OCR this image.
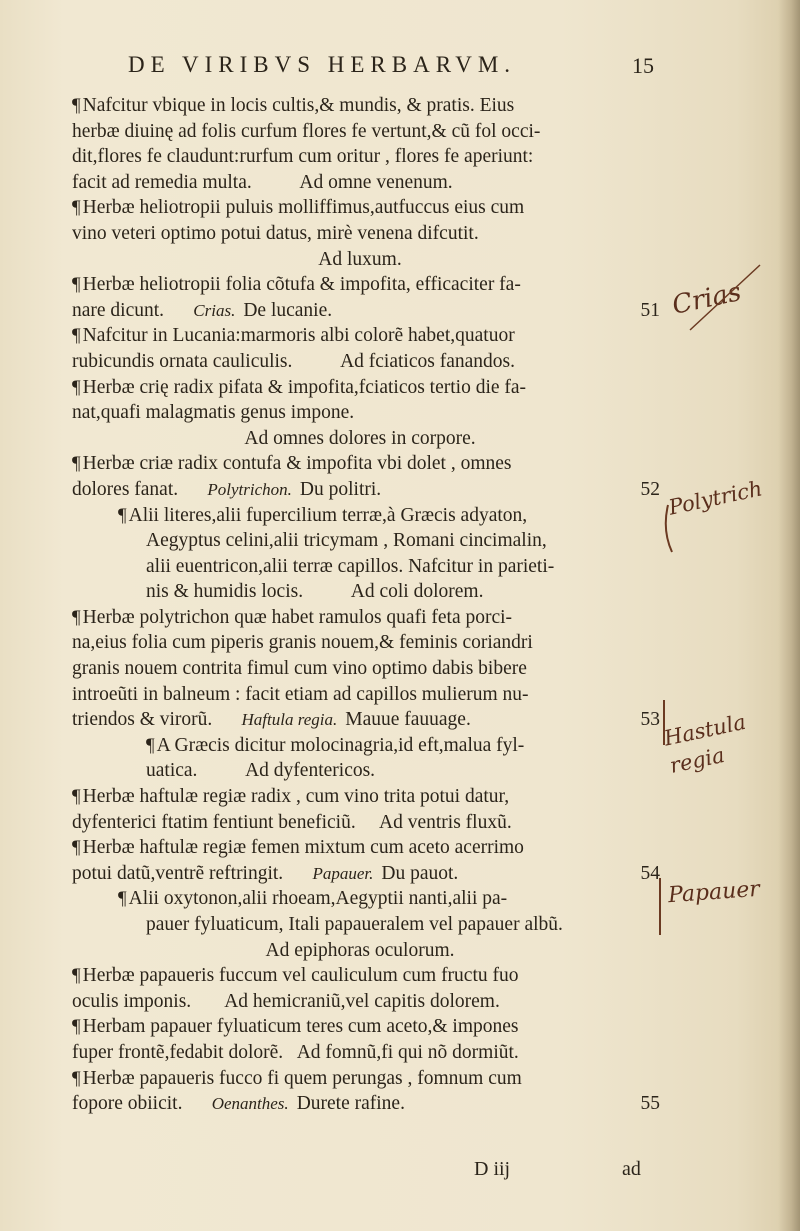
DE VIRIBVS HERBARVM.	15
¶ Nafcitur vbique in locis cultis,& mundis, & pratis. Eius
herbæ diuinę ad folis curfum flores fe vertunt,& cũ fol occi-
dit,flores fe claudunt:rurfum cum oritur , flores fe aperiunt:
facit ad remedia multa.          Ad omne venenum.
¶ Herbæ heliotropii puluis molliffimus,autfuccus eius cum
vino veteri optimo potui datus, mirè venena difcutit.
Ad luxum.
¶ Herbæ heliotropii folia cõtufa & impofita, efficaciter fa-
nare dicunt. Crias. De lucanie.	51
¶ Nafcitur in Lucania:marmoris albi colorẽ habet,quatuor
rubicundis ornata cauliculis.          Ad fciaticos fanandos.
¶ Herbæ crię radix pifata & impofita,fciaticos tertio die fa-
nat,quafi malagmatis genus impone.
Ad omnes dolores in corpore.
¶ Herbæ criæ radix contufa & impofita vbi dolet , omnes
dolores fanat. Polytrichon. Du politri.	52
¶ Alii literes,alii fupercilium terræ,à Græcis adyaton,
Aegyptus celini,alii tricymam , Romani cincimalin,
alii euentricon,alii terræ capillos. Nafcitur in parieti-
nis & humidis locis.          Ad coli dolorem.
¶ Herbæ polytrichon quæ habet ramulos quafi feta porci-
na,eius folia cum piperis granis nouem,& feminis coriandri
granis nouem contrita fimul cum vino optimo dabis bibere
introeũti in balneum : facit etiam ad capillos mulierum nu-
triendos & virorũ. Haftula regia. Mauue fauuage.	53
¶ A Græcis dicitur molocinagria,id eft,malua fyl-
uatica.          Ad dyfentericos.
¶ Herbæ haftulæ regiæ radix , cum vino trita potui datur,
dyfenterici ftatim fentiunt beneficiũ.     Ad ventris fluxũ.
¶ Herbæ haftulæ regiæ femen mixtum cum aceto acerrimo
potui datũ,ventrẽ reftringit. Papauer. Du pauot.	54
¶ Alii oxytonon,alii rhoeam,Aegyptii nanti,alii pa-
pauer fyluaticum, Itali papaueralem vel papauer albũ.
Ad epiphoras oculorum.
¶ Herbæ papaueris fuccum vel cauliculum cum fructu fuo
oculis imponis.       Ad hemicraniũ,vel capitis dolorem.
¶ Herbam papauer fyluaticum teres cum aceto,& impones
fuper frontẽ,fedabit dolorẽ.   Ad fomnũ,fi qui nõ dormiũt.
¶ Herbæ papaueris fucco fi quem perungas , fomnum cum
fopore obiicit. Oenanthes. Durete rafine.	55
D iij	ad
Crias
Polytrich
Hastula regia
Papauer
